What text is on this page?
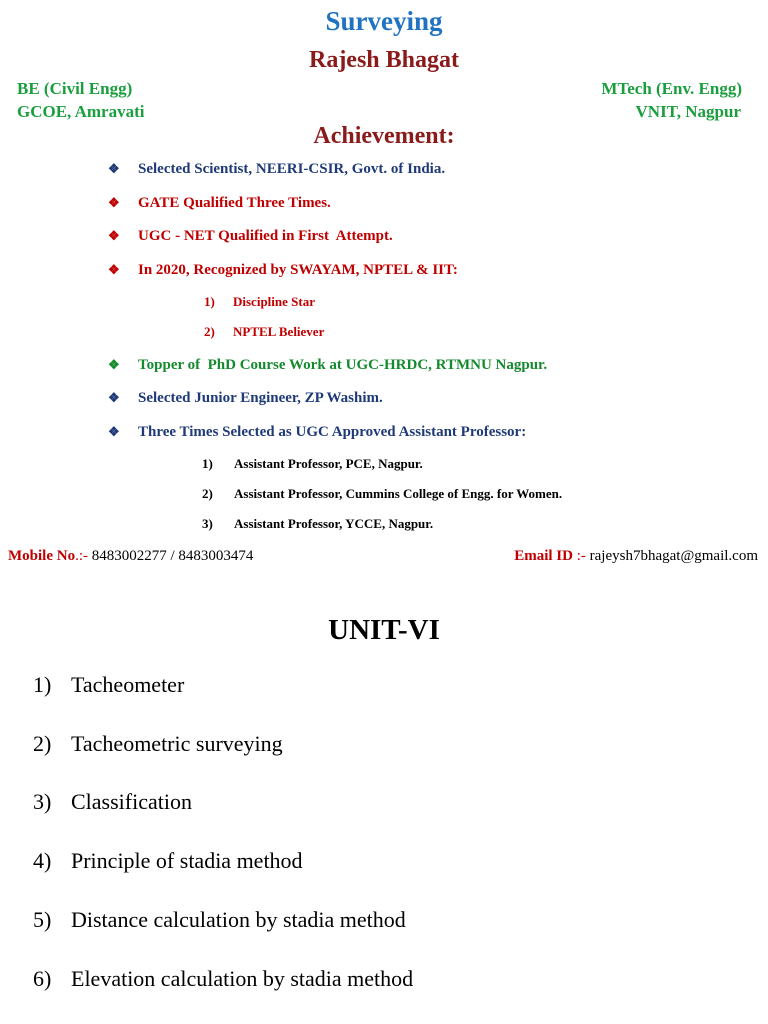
Surveying
Rajesh Bhagat
BE (Civil Engg)
GCOE, Amravati
MTech (Env. Engg)
VNIT, Nagpur
Achievement:
❖ Selected Scientist, NEERI-CSIR, Govt. of India.
❖ GATE Qualified Three Times.
❖ UGC - NET Qualified in First  Attempt.
❖ In 2020, Recognized by SWAYAM, NPTEL & IIT:
1) Discipline Star
2) NPTEL Believer
❖ Topper of  PhD Course Work at UGC-HRDC, RTMNU Nagpur.
❖ Selected Junior Engineer, ZP Washim.
❖ Three Times Selected as UGC Approved Assistant Professor:
1) Assistant Professor, PCE, Nagpur.
2) Assistant Professor, Cummins College of Engg. for Women.
3) Assistant Professor, YCCE, Nagpur.
Mobile No.:- 8483002277 / 8483003474	Email ID :- rajeysh7bhagat@gmail.com
UNIT-VI
1) Tacheometer
2) Tacheometric surveying
3) Classification
4) Principle of stadia method
5) Distance calculation by stadia method
6) Elevation calculation by stadia method
